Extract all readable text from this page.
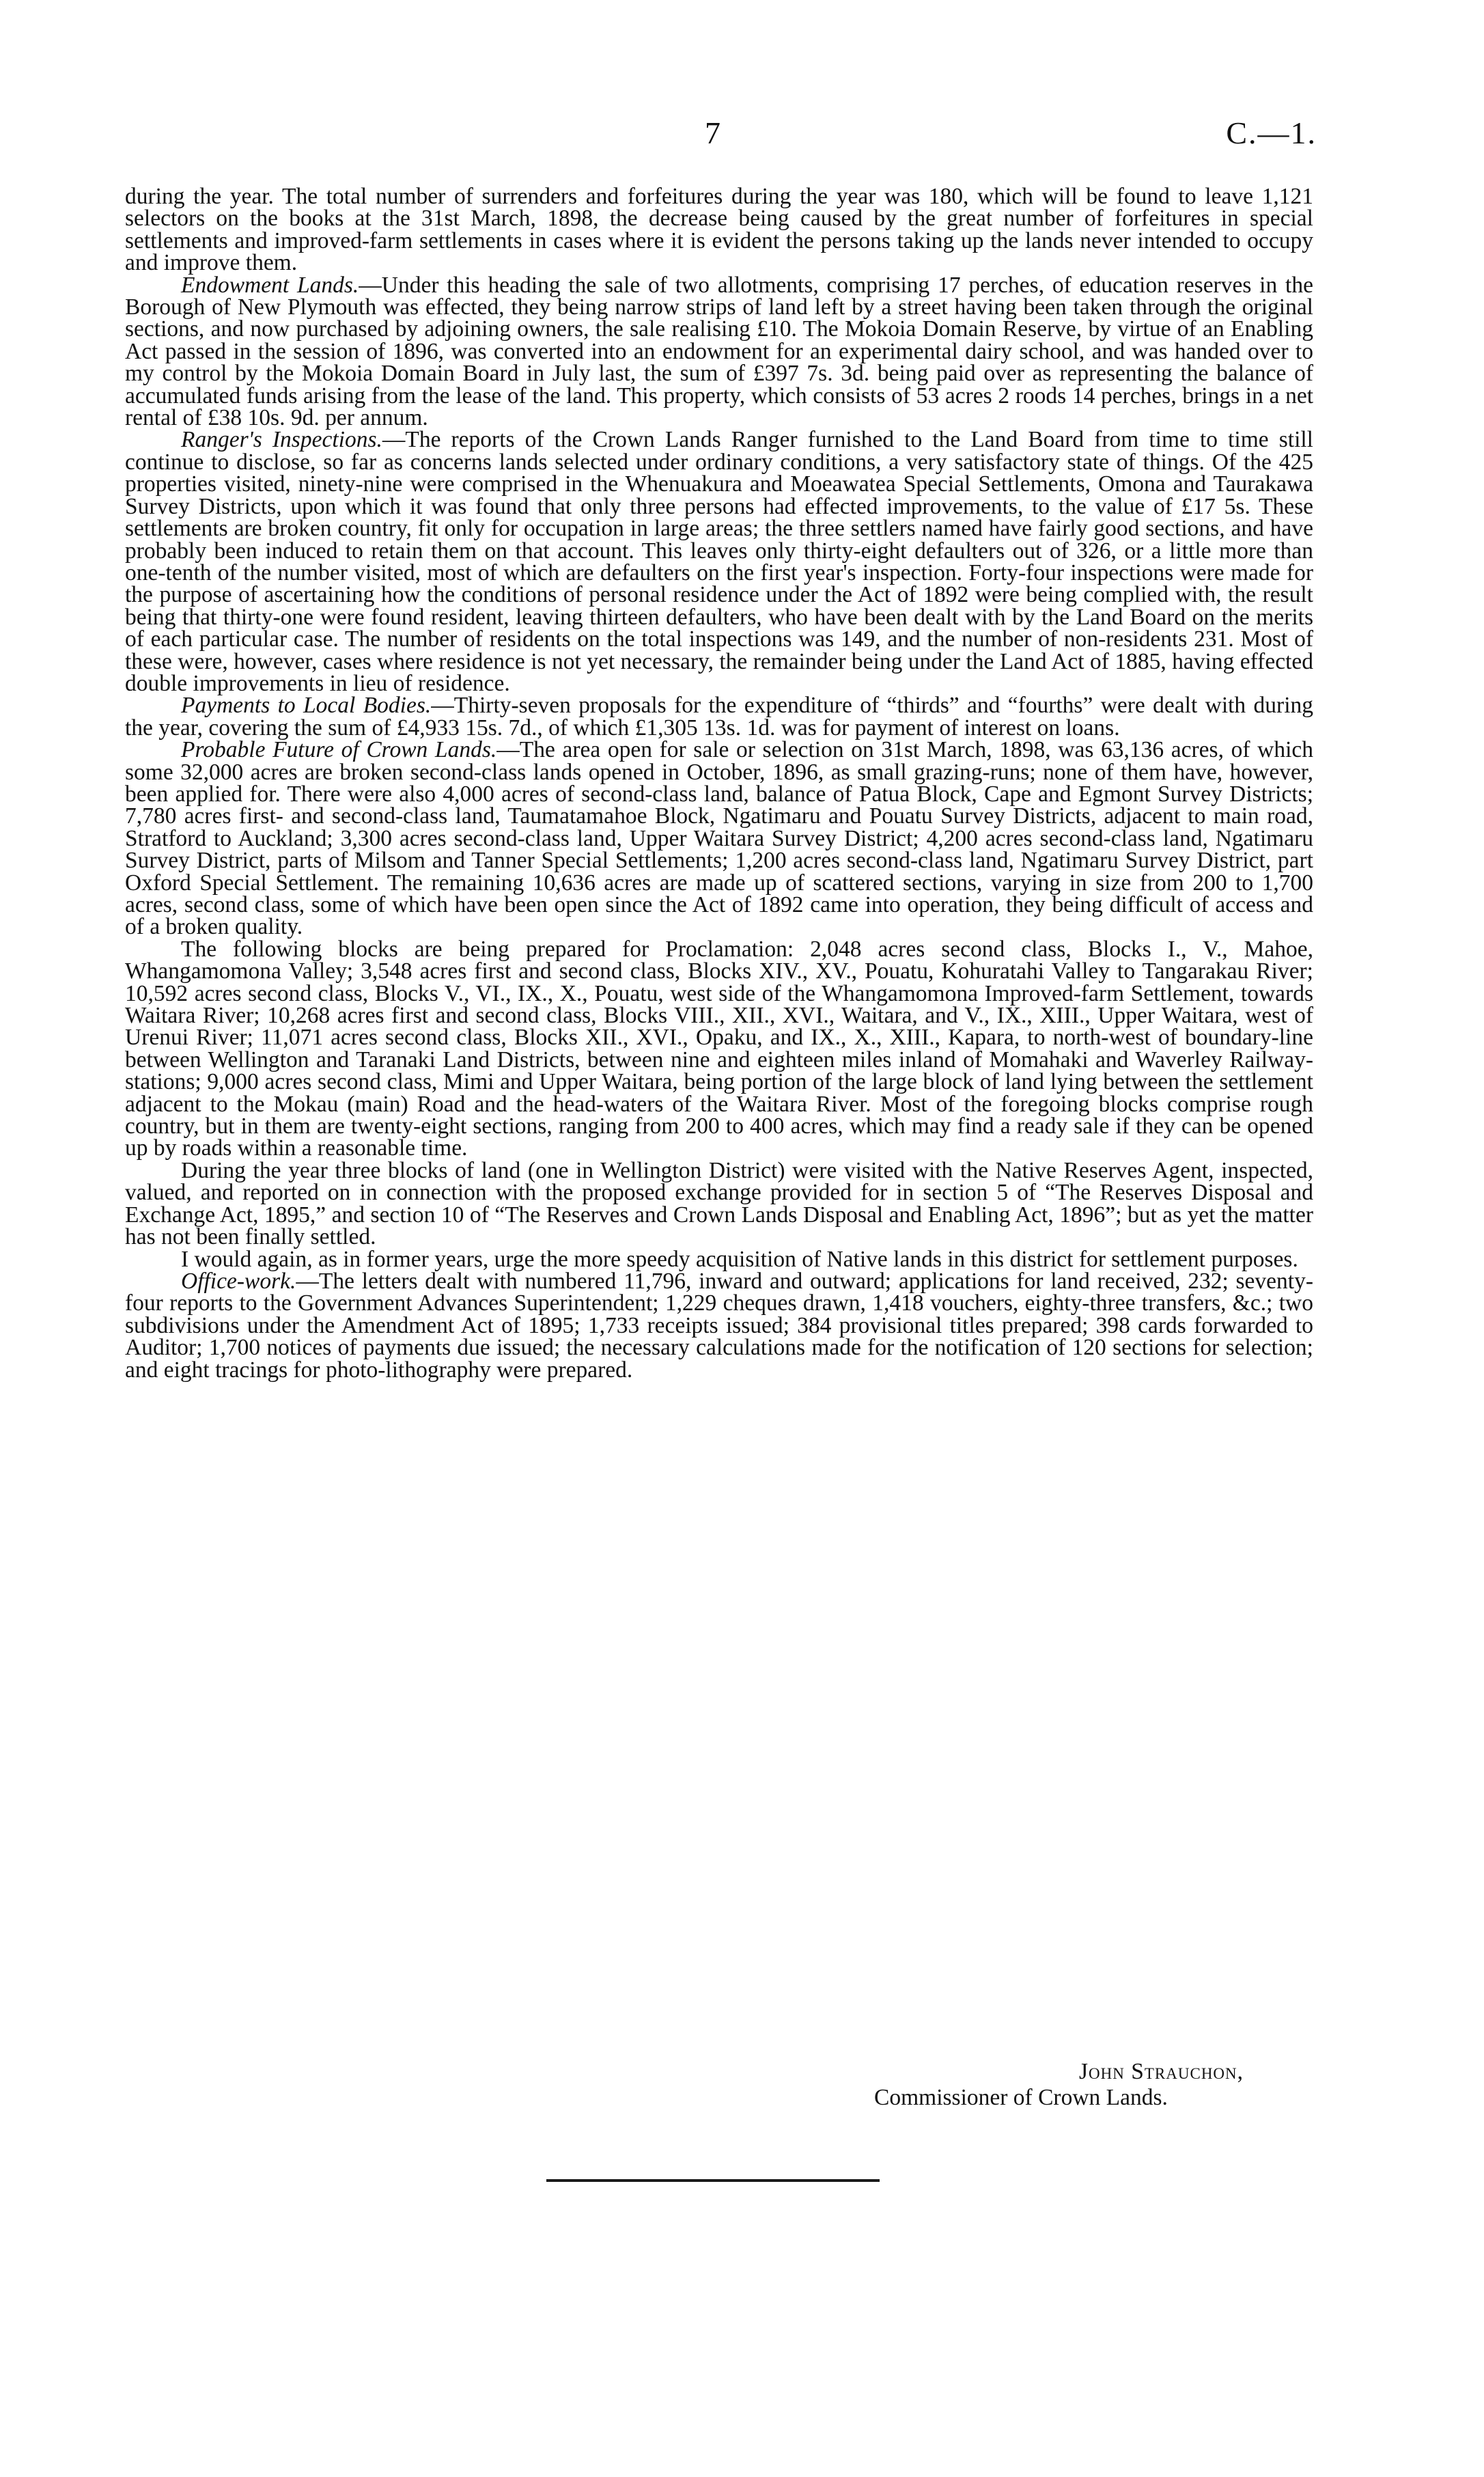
7	C.—1.

during the year. The total number of surrenders and forfeitures during the year was 180, which will be found to leave 1,121 selectors on the books at the 31st March, 1898, the decrease being caused by the great number of forfeitures in special settlements and improved-farm settlements in cases where it is evident the persons taking up the lands never intended to occupy and improve them.

Endowment Lands.—Under this heading the sale of two allotments, comprising 17 perches, of education reserves in the Borough of New Plymouth was effected, they being narrow strips of land left by a street having been taken through the original sections, and now purchased by adjoining owners, the sale realising £10. The Mokoia Domain Reserve, by virtue of an Enabling Act passed in the session of 1896, was converted into an endowment for an experimental dairy school, and was handed over to my control by the Mokoia Domain Board in July last, the sum of £397 7s. 3d. being paid over as representing the balance of accumulated funds arising from the lease of the land. This property, which consists of 53 acres 2 roods 14 perches, brings in a net rental of £38 10s. 9d. per annum.

Ranger's Inspections.—The reports of the Crown Lands Ranger furnished to the Land Board from time to time still continue to disclose, so far as concerns lands selected under ordinary conditions, a very satisfactory state of things. Of the 425 properties visited, ninety-nine were comprised in the Whenuakura and Moeawatea Special Settlements, Omona and Taurakawa Survey Districts, upon which it was found that only three persons had effected improvements, to the value of £17 5s. These settlements are broken country, fit only for occupation in large areas; the three settlers named have fairly good sections, and have probably been induced to retain them on that account. This leaves only thirty-eight defaulters out of 326, or a little more than one-tenth of the number visited, most of which are defaulters on the first year's inspection. Forty-four inspections were made for the purpose of ascertaining how the conditions of personal residence under the Act of 1892 were being complied with, the result being that thirty-one were found resident, leaving thirteen defaulters, who have been dealt with by the Land Board on the merits of each particular case. The number of residents on the total inspections was 149, and the number of non-residents 231. Most of these were, however, cases where residence is not yet necessary, the remainder being under the Land Act of 1885, having effected double improvements in lieu of residence.

Payments to Local Bodies.—Thirty-seven proposals for the expenditure of “thirds” and “fourths” were dealt with during the year, covering the sum of £4,933 15s. 7d., of which £1,305 13s. 1d. was for payment of interest on loans.

Probable Future of Crown Lands.—The area open for sale or selection on 31st March, 1898, was 63,136 acres, of which some 32,000 acres are broken second-class lands opened in October, 1896, as small grazing-runs; none of them have, however, been applied for. There were also 4,000 acres of second-class land, balance of Patua Block, Cape and Egmont Survey Districts; 7,780 acres first- and second-class land, Taumatamahoe Block, Ngatimaru and Pouatu Survey Districts, adjacent to main road, Stratford to Auckland; 3,300 acres second-class land, Upper Waitara Survey District; 4,200 acres second-class land, Ngatimaru Survey District, parts of Milsom and Tanner Special Settlements; 1,200 acres second-class land, Ngatimaru Survey District, part Oxford Special Settlement. The remaining 10,636 acres are made up of scattered sections, varying in size from 200 to 1,700 acres, second class, some of which have been open since the Act of 1892 came into operation, they being difficult of access and of a broken quality.

The following blocks are being prepared for Proclamation: 2,048 acres second class, Blocks I., V., Mahoe, Whangamomona Valley; 3,548 acres first and second class, Blocks XIV., XV., Pouatu, Kohuratahi Valley to Tangarakau River; 10,592 acres second class, Blocks V., VI., IX., X., Pouatu, west side of the Whangamomona Improved-farm Settlement, towards Waitara River; 10,268 acres first and second class, Blocks VIII., XII., XVI., Waitara, and V., IX., XIII., Upper Waitara, west of Urenui River; 11,071 acres second class, Blocks XII., XVI., Opaku, and IX., X., XIII., Kapara, to north-west of boundary-line between Wellington and Taranaki Land Districts, between nine and eighteen miles inland of Momahaki and Waverley Railway-stations; 9,000 acres second class, Mimi and Upper Waitara, being portion of the large block of land lying between the settlement adjacent to the Mokau (main) Road and the head-waters of the Waitara River. Most of the foregoing blocks comprise rough country, but in them are twenty-eight sections, ranging from 200 to 400 acres, which may find a ready sale if they can be opened up by roads within a reasonable time.

During the year three blocks of land (one in Wellington District) were visited with the Native Reserves Agent, inspected, valued, and reported on in connection with the proposed exchange provided for in section 5 of “The Reserves Disposal and Exchange Act, 1895,” and section 10 of “The Reserves and Crown Lands Disposal and Enabling Act, 1896”; but as yet the matter has not been finally settled.

I would again, as in former years, urge the more speedy acquisition of Native lands in this district for settlement purposes.

Office-work.—The letters dealt with numbered 11,796, inward and outward; applications for land received, 232; seventy-four reports to the Government Advances Superintendent; 1,229 cheques drawn, 1,418 vouchers, eighty-three transfers, &c.; two subdivisions under the Amendment Act of 1895; 1,733 receipts issued; 384 provisional titles prepared; 398 cards forwarded to Auditor; 1,700 notices of payments due issued; the necessary calculations made for the notification of 120 sections for selection; and eight tracings for photo-lithography were prepared.

John Strauchon,
Commissioner of Crown Lands.
